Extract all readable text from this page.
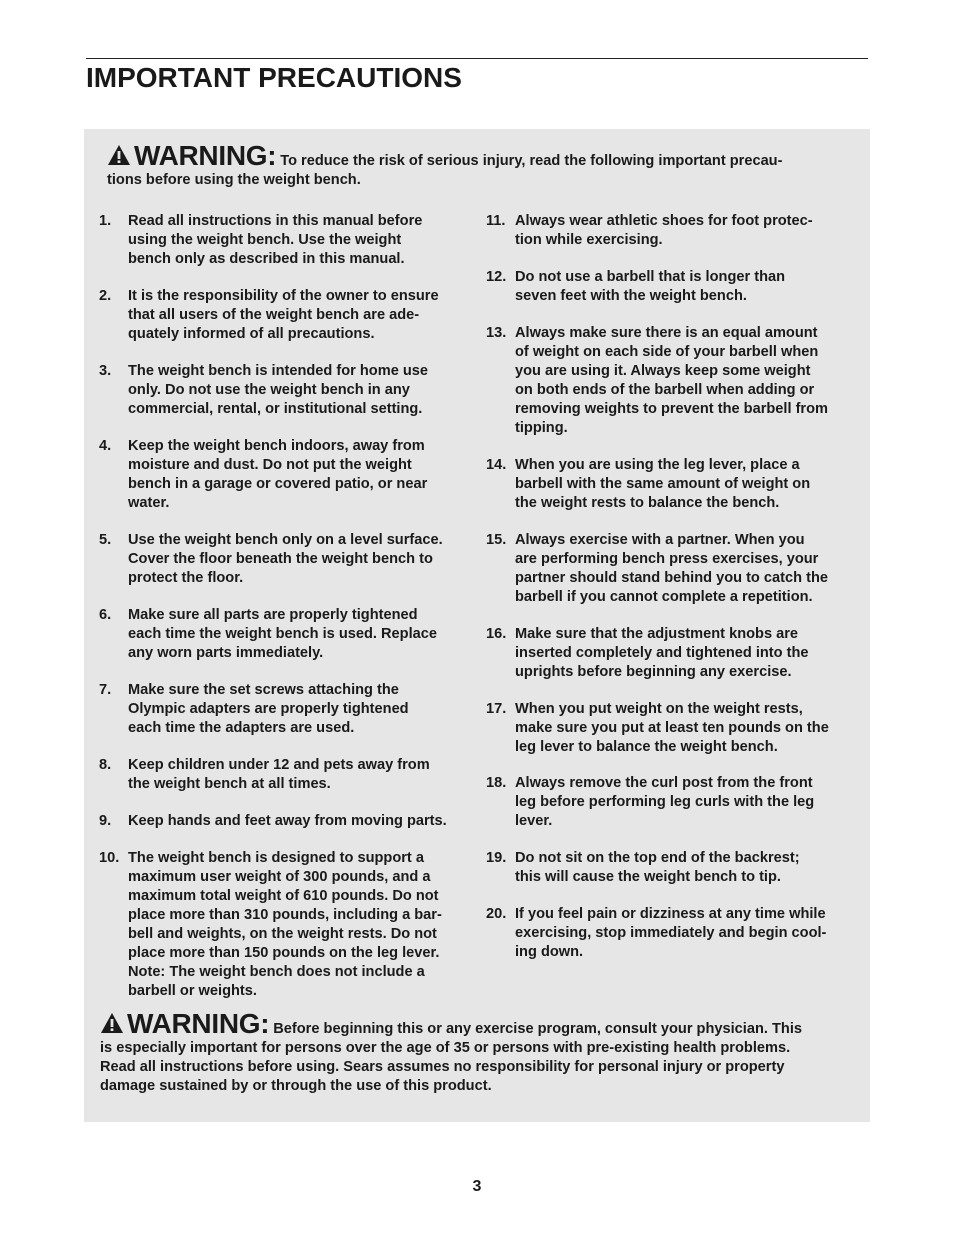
IMPORTANT PRECAUTIONS
WARNING: To reduce the risk of serious injury, read the following important precau-
tions before using the weight bench.
1. Read all instructions in this manual before
using the weight bench. Use the weight
bench only as described in this manual.
2. It is the responsibility of the owner to ensure
that all users of the weight bench are ade-
quately informed of all precautions.
3. The weight bench is intended for home use
only. Do not use the weight bench in any
commercial, rental, or institutional setting.
4. Keep the weight bench indoors, away from
moisture and dust. Do not put the weight
bench in a garage or covered patio, or near
water.
5. Use the weight bench only on a level surface.
Cover the floor beneath the weight bench to
protect the floor.
6. Make sure all parts are properly tightened
each time the weight bench is used. Replace
any worn parts immediately.
7. Make sure the set screws attaching the
Olympic adapters are properly tightened
each time the adapters are used.
8. Keep children under 12 and pets away from
the weight bench at all times.
9. Keep hands and feet away from moving parts.
10. The weight bench is designed to support a
maximum user weight of 300 pounds, and a
maximum total weight of 610 pounds. Do not
place more than 310 pounds, including a bar-
bell and weights, on the weight rests. Do not
place more than 150 pounds on the leg lever.
Note: The weight bench does not include a
barbell or weights.
11. Always wear athletic shoes for foot protec-
tion while exercising.
12. Do not use a barbell that is longer than
seven feet with the weight bench.
13. Always make sure there is an equal amount
of weight on each side of your barbell when
you are using it. Always keep some weight
on both ends of the barbell when adding or
removing weights to prevent the barbell from
tipping.
14. When you are using the leg lever, place a
barbell with the same amount of weight on
the weight rests to balance the bench.
15. Always exercise with a partner. When you
are performing bench press exercises, your
partner should stand behind you to catch the
barbell if you cannot complete a repetition.
16. Make sure that the adjustment knobs are
inserted completely and tightened into the
uprights before beginning any exercise.
17. When you put weight on the weight rests,
make sure you put at least ten pounds on the
leg lever to balance the weight bench.
18. Always remove the curl post from the front
leg before performing leg curls with the leg
lever.
19. Do not sit on the top end of the backrest;
this will cause the weight bench to tip.
20. If you feel pain or dizziness at any time while
exercising, stop immediately and begin cool-
ing down.
WARNING: Before beginning this or any exercise program, consult your physician. This
is especially important for persons over the age of 35 or persons with pre-existing health problems.
Read all instructions before using. Sears assumes no responsibility for personal injury or property
damage sustained by or through the use of this product.
3
